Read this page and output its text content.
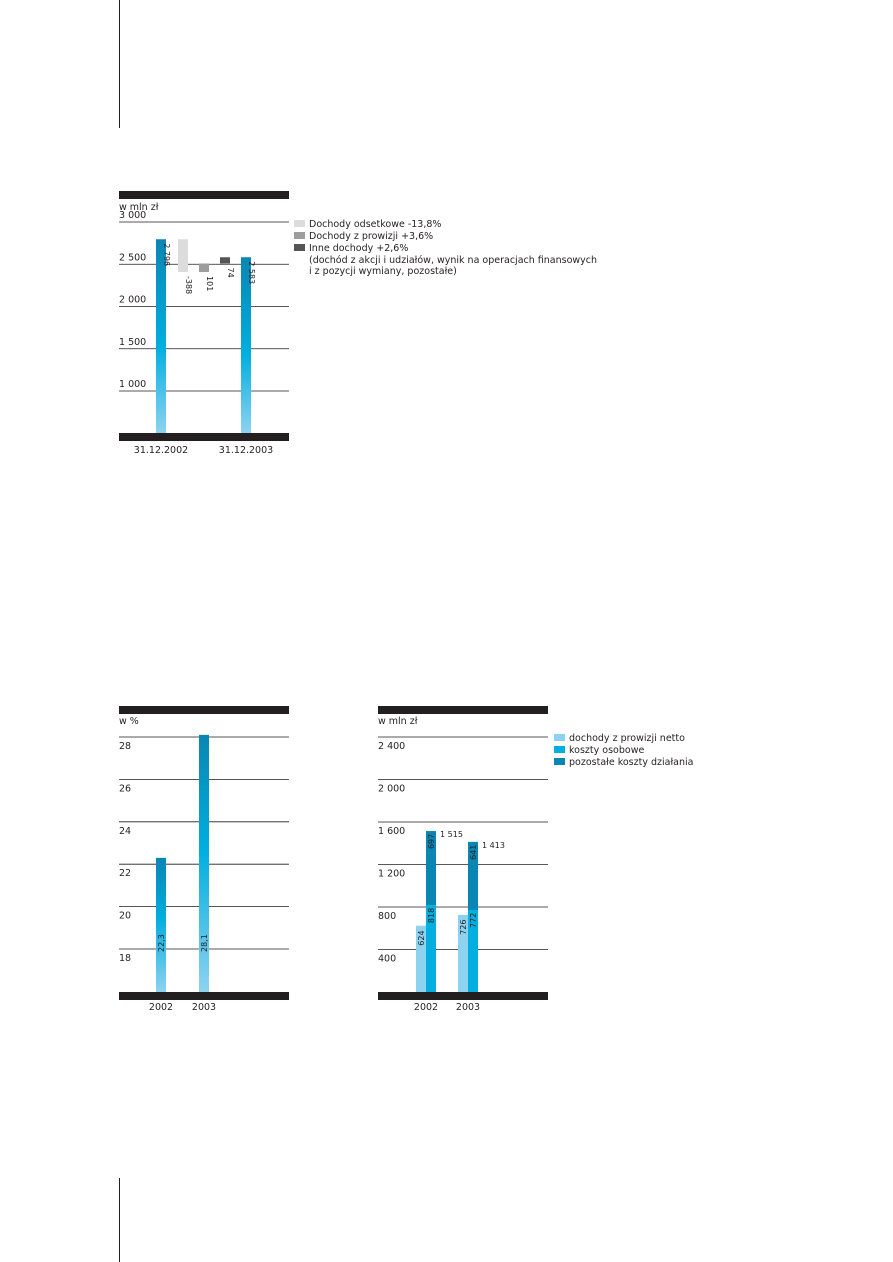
w mln zł
3 000
2 500
2 000
1 500
1 000
2 796
2 583
-388 101
74
31.12.2002	31.12.2003
Dochody odsetkowe -13,8%
Dochody z prowizji +3,6%
Inne dochody +2,6%
(dochód z akcji i udziałów, wynik na operacjach finansowych
i z pozycji wymiany, pozostałe)
w %
28
26
24
22
20
18
22,3
2002
28,1
2003
w mln zł
2 400
2 000
1 600
1 200
800
400
624
818
697 1 515
2002
726 772
641 1 413
2003
dochody z prowizji netto
koszty osobowe
pozostałe koszty działania
